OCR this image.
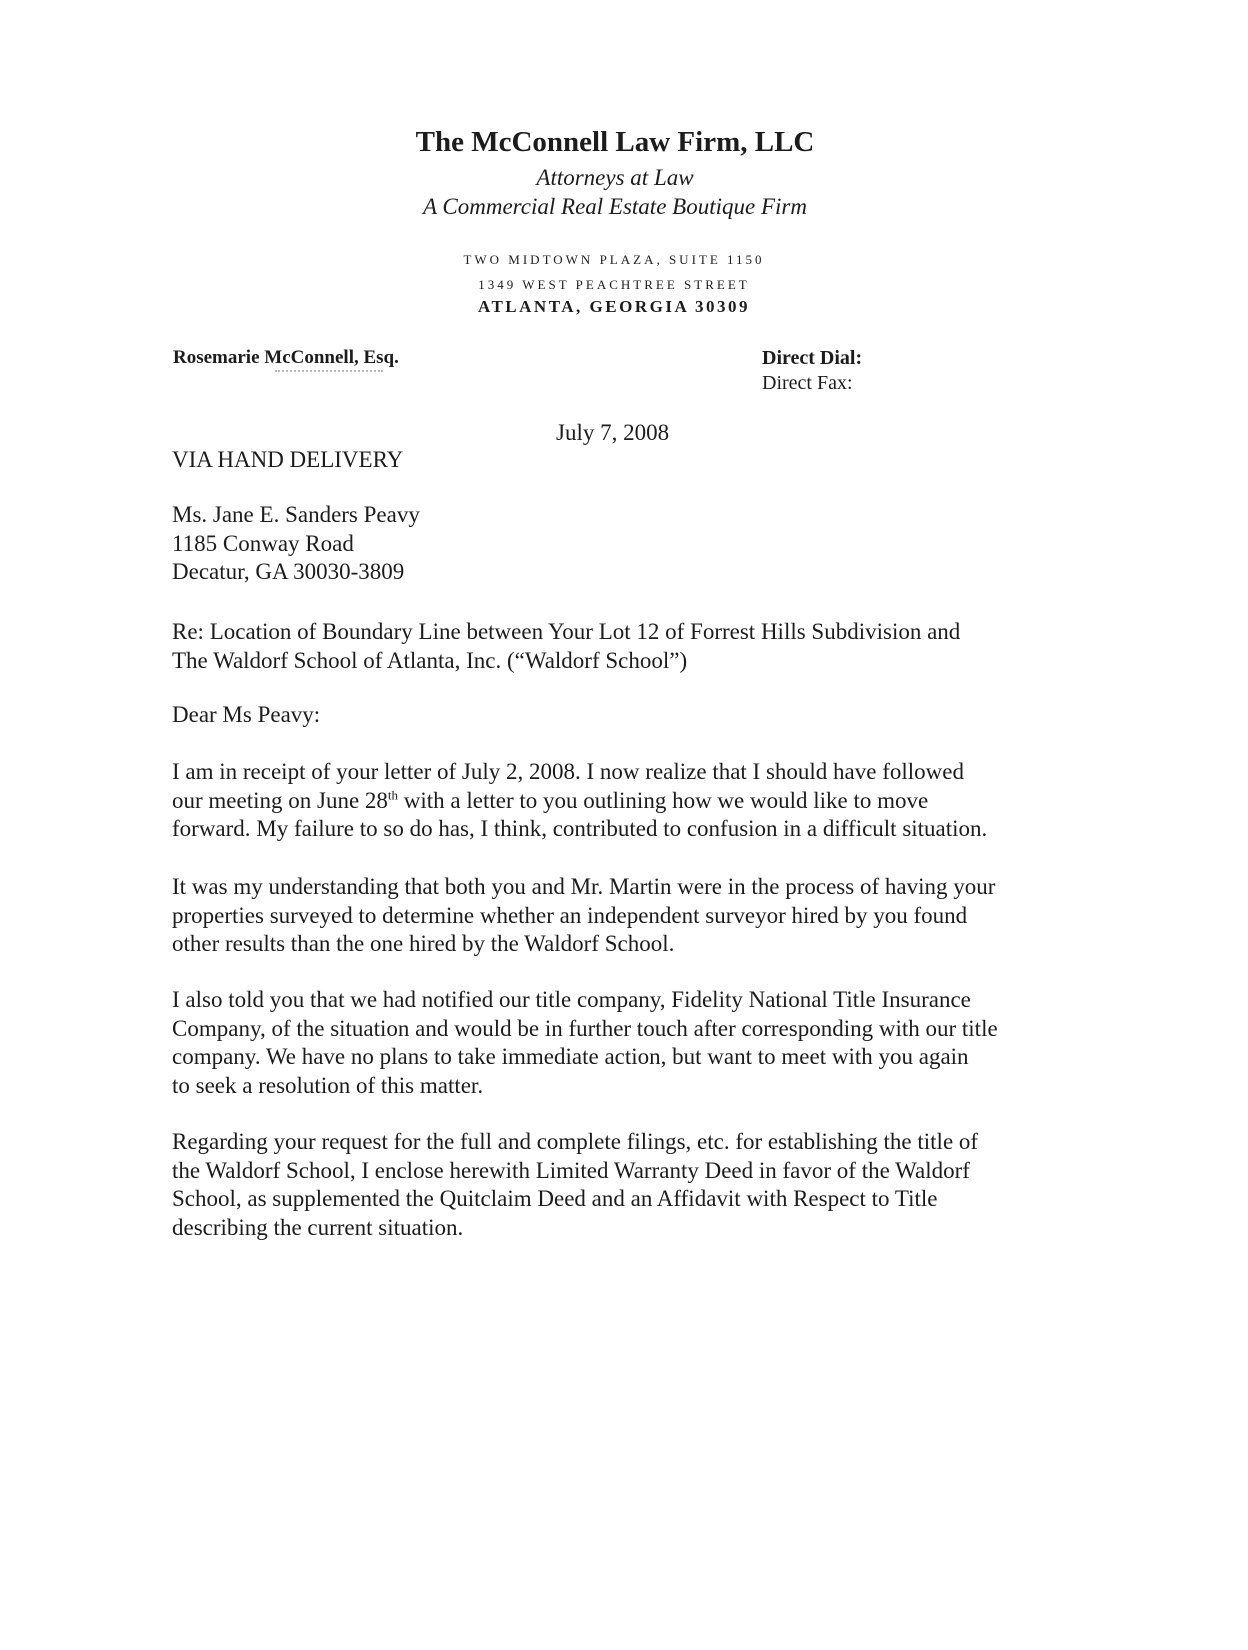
The McConnell Law Firm, LLC
Attorneys at Law
A Commercial Real Estate Boutique Firm
TWO MIDTOWN PLAZA, SUITE 1150
1349 WEST PEACHTREE STREET
ATLANTA, GEORGIA 30309
Rosemarie McConnell, Esq.	Direct Dial:
Direct Fax:
July 7, 2008
VIA HAND DELIVERY
Ms. Jane E. Sanders Peavy
1185 Conway Road
Decatur, GA 30030-3809
Re: Location of Boundary Line between Your Lot 12 of Forrest Hills Subdivision and
The Waldorf School of Atlanta, Inc. (“Waldorf School”)
Dear Ms Peavy:
I am in receipt of your letter of July 2, 2008. I now realize that I should have followed
our meeting on June 28th with a letter to you outlining how we would like to move
forward. My failure to so do has, I think, contributed to confusion in a difficult situation.
It was my understanding that both you and Mr. Martin were in the process of having your
properties surveyed to determine whether an independent surveyor hired by you found
other results than the one hired by the Waldorf School.
I also told you that we had notified our title company, Fidelity National Title Insurance
Company, of the situation and would be in further touch after corresponding with our title
company. We have no plans to take immediate action, but want to meet with you again
to seek a resolution of this matter.
Regarding your request for the full and complete filings, etc. for establishing the title of
the Waldorf School, I enclose herewith Limited Warranty Deed in favor of the Waldorf
School, as supplemented the Quitclaim Deed and an Affidavit with Respect to Title
describing the current situation.
